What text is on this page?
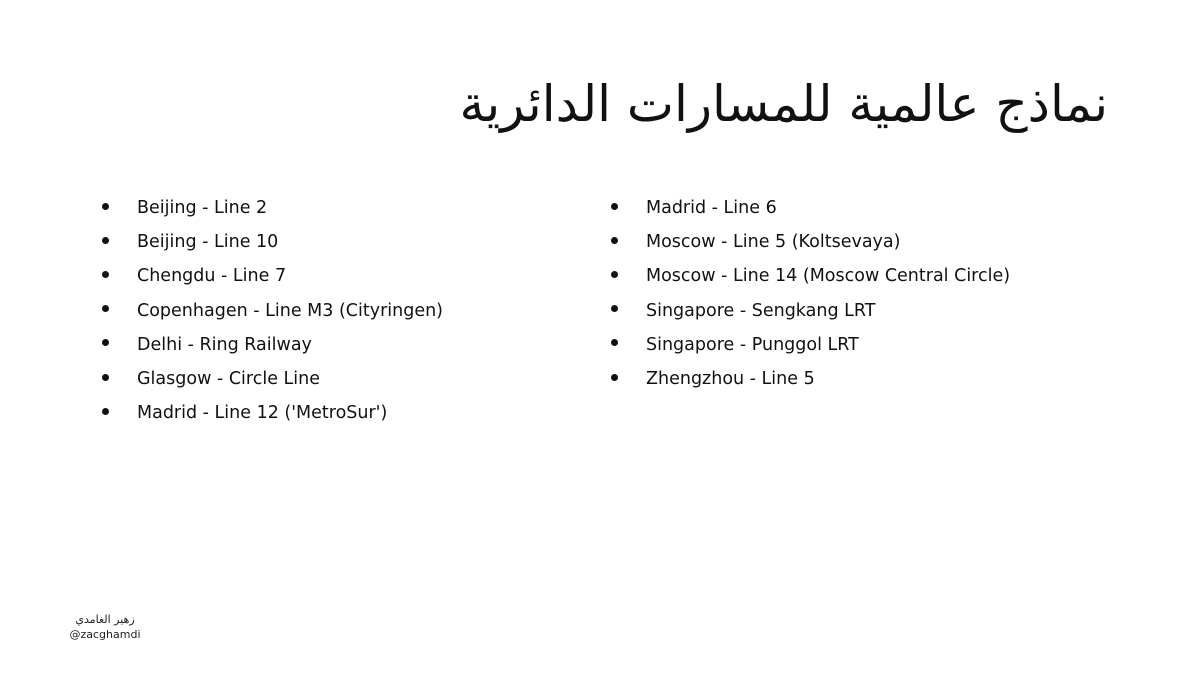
نماذج عالمية للمسارات الدائرية
Beijing - Line 2
Beijing - Line 10
Chengdu - Line 7
Copenhagen - Line M3 (Cityringen)
Delhi - Ring Railway
Glasgow - Circle Line
Madrid - Line 12 ('MetroSur')
Madrid - Line 6
Moscow - Line 5 (Koltsevaya)
Moscow - Line 14 (Moscow Central Circle)
Singapore - Sengkang LRT
Singapore - Punggol LRT
Zhengzhou - Line 5
زهير الغامدي
@zacghamdi
